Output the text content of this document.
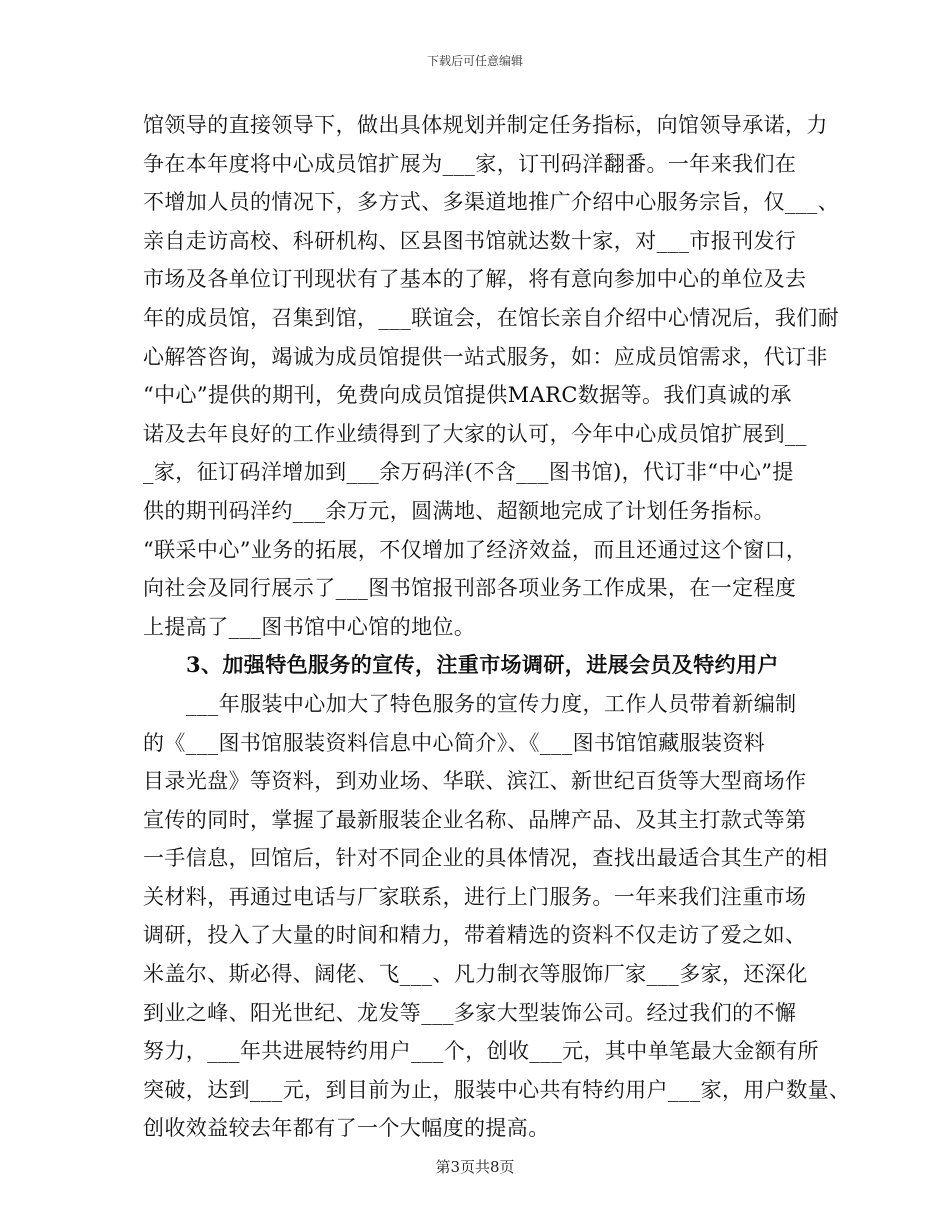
下载后可任意编辑
馆领导的直接领导下，做出具体规划并制定任务指标，向馆领导承诺，力
争在本年度将中心成员馆扩展为___家，订刊码洋翻番。一年来我们在
不增加人员的情况下，多方式、多渠道地推广介绍中心服务宗旨，仅___、
亲自走访高校、科研机构、区县图书馆就达数十家，对___市报刊发行
市场及各单位订刊现状有了基本的了解，将有意向参加中心的单位及去
年的成员馆，召集到馆，___联谊会，在馆长亲自介绍中心情况后，我们耐
心解答咨询，竭诚为成员馆提供一站式服务，如：应成员馆需求，代订非
“中心”提供的期刊，免费向成员馆提供MARC数据等。我们真诚的承
诺及去年良好的工作业绩得到了大家的认可，今年中心成员馆扩展到__
_家，征订码洋增加到___余万码洋(不含___图书馆)，代订非“中心”提
供的期刊码洋约___余万元，圆满地、超额地完成了计划任务指标。
“联采中心”业务的拓展，不仅增加了经济效益，而且还通过这个窗口，
向社会及同行展示了___图书馆报刊部各项业务工作成果，在一定程度
上提高了___图书馆中心馆的地位。
3、加强特色服务的宣传，注重市场调研，进展会员及特约用户
___年服装中心加大了特色服务的宣传力度，工作人员带着新编制
的《___图书馆服装资料信息中心简介》、《___图书馆馆藏服装资料
目录光盘》等资料，到劝业场、华联、滨江、新世纪百货等大型商场作
宣传的同时，掌握了最新服装企业名称、品牌产品、及其主打款式等第
一手信息，回馆后，针对不同企业的具体情况，查找出最适合其生产的相
关材料，再通过电话与厂家联系，进行上门服务。一年来我们注重市场
调研，投入了大量的时间和精力，带着精选的资料不仅走访了爱之如、
米盖尔、斯必得、阔佬、飞___、凡力制衣等服饰厂家___多家，还深化
到业之峰、阳光世纪、龙发等___多家大型装饰公司。经过我们的不懈
努力，___年共进展特约用户___个，创收___元，其中单笔最大金额有所
突破，达到___元，到目前为止，服装中心共有特约用户___家，用户数量、
创收效益较去年都有了一个大幅度的提高。
第3页共8页
